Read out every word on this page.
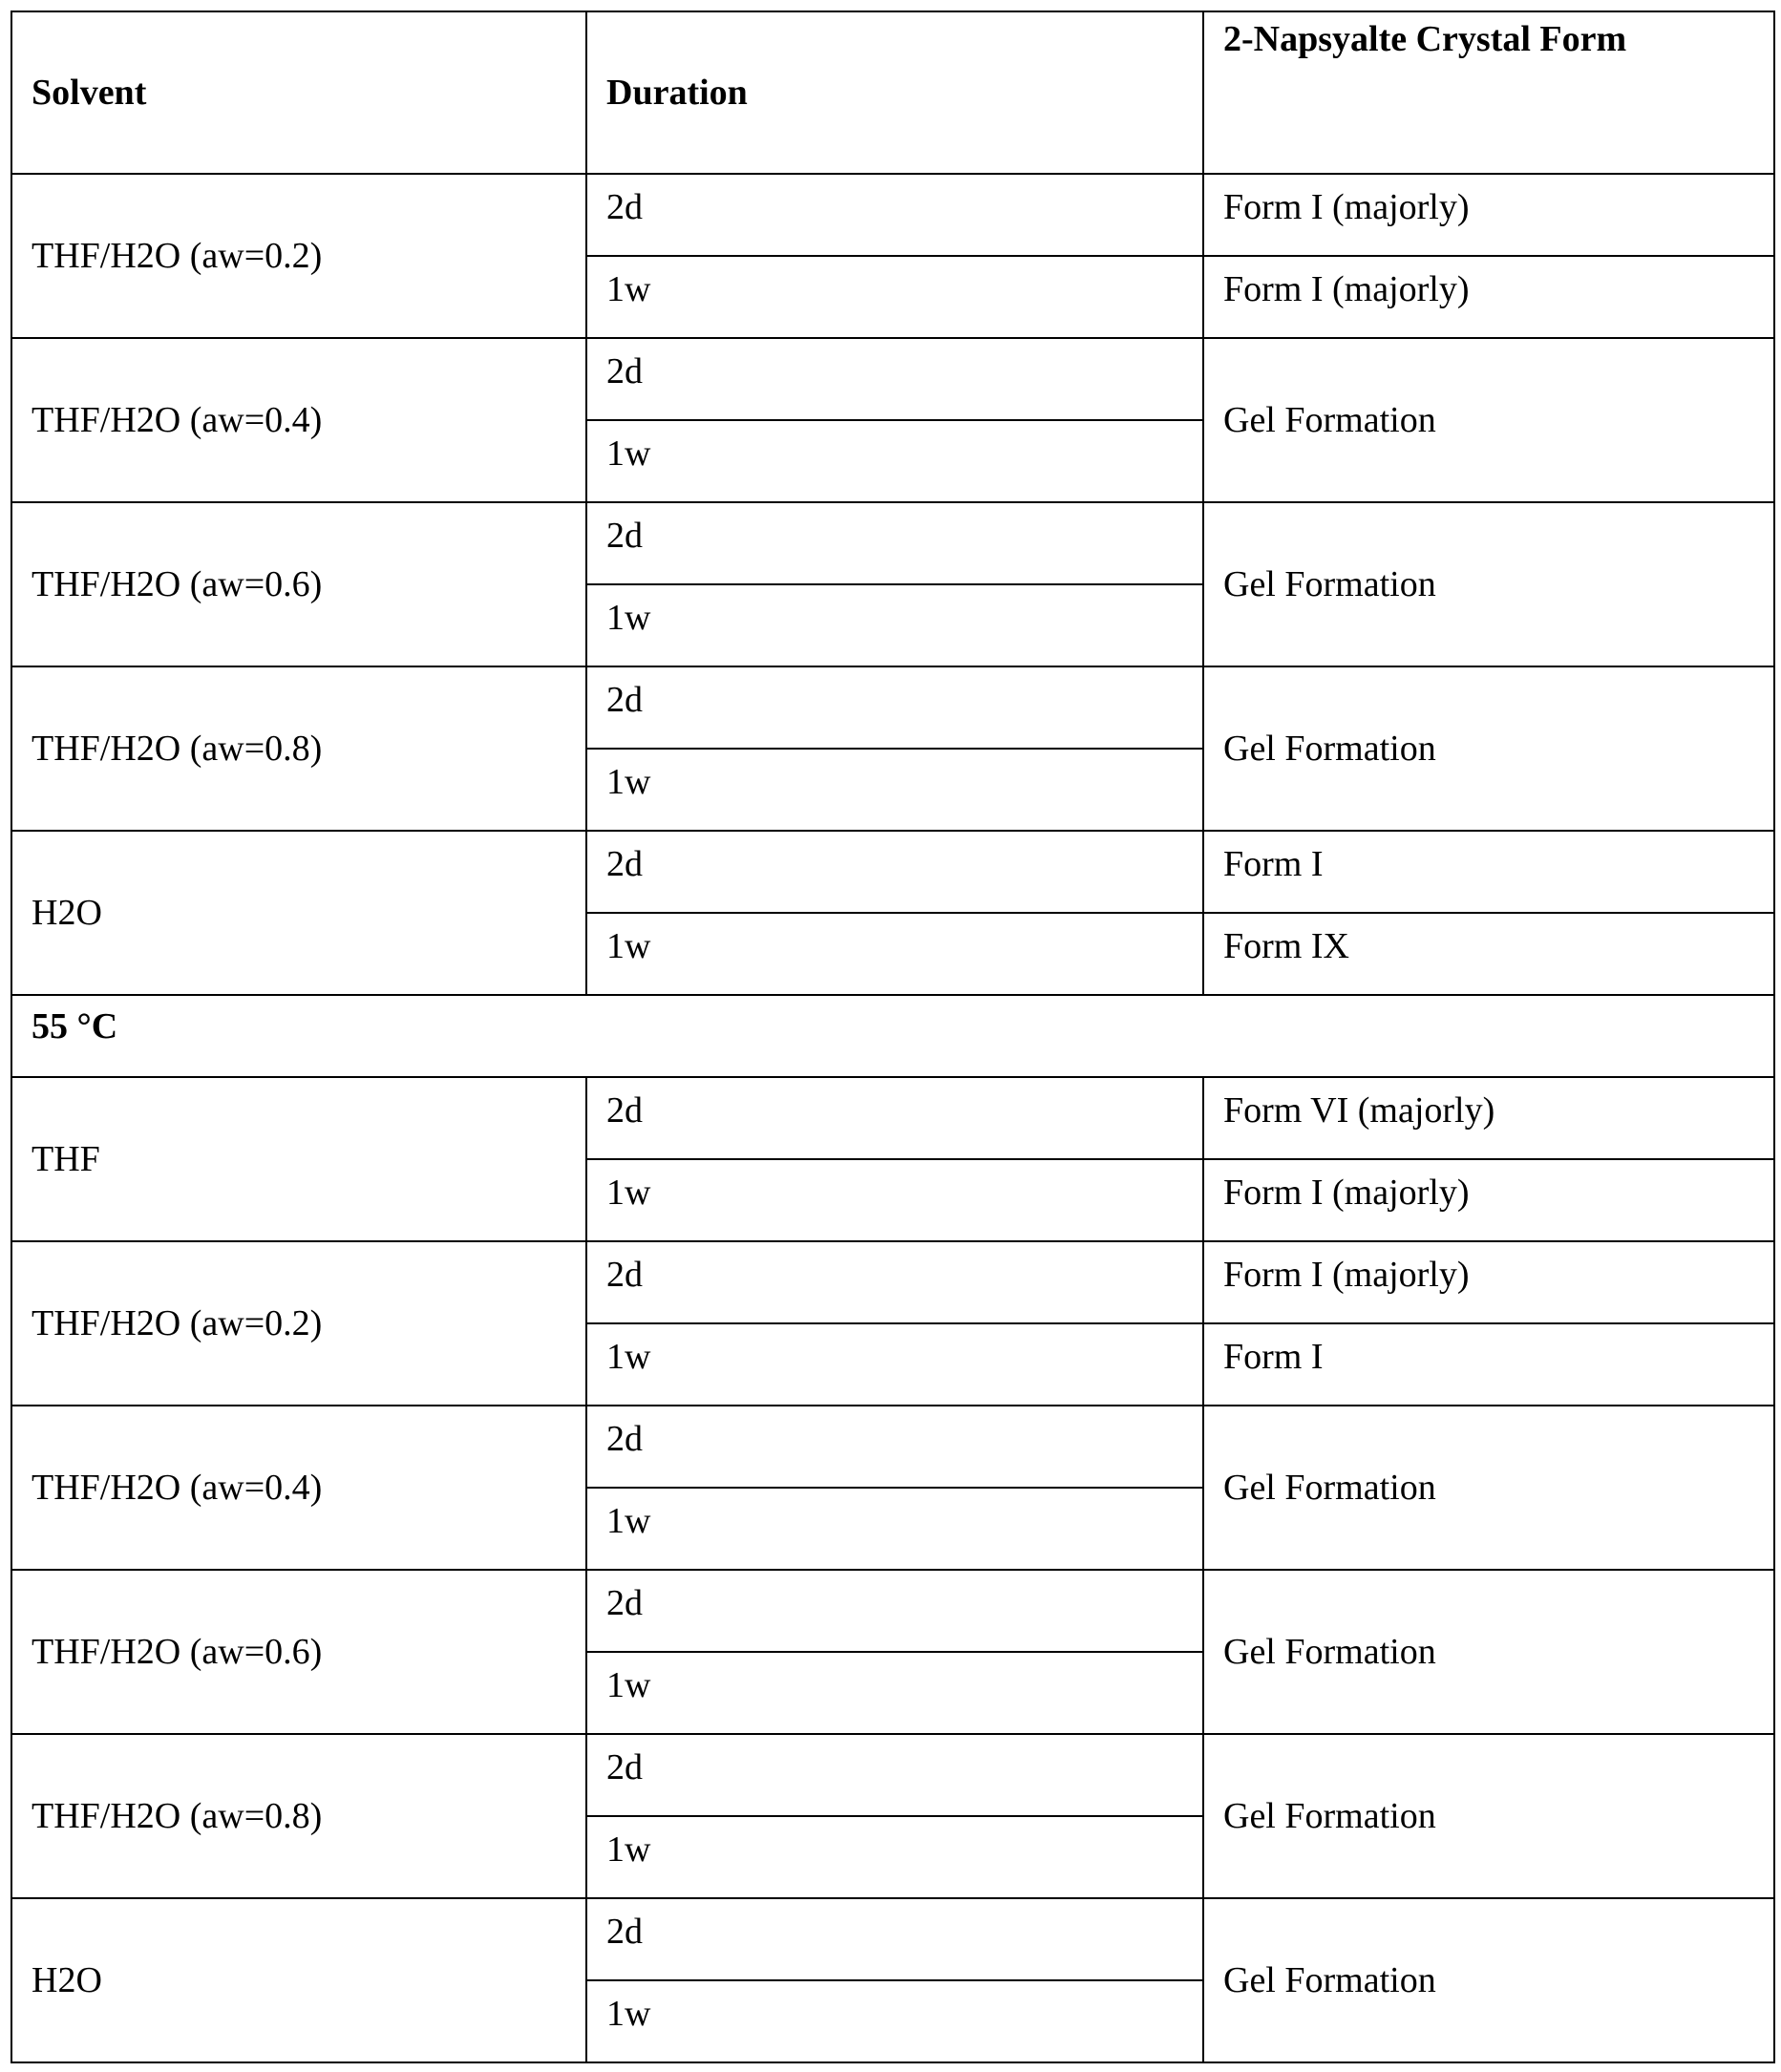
Solvent	Duration	2-Napsyalte Crystal Form
THF/H2O (aw=0.2)	2d	Form I (majorly)
1w	Form I (majorly)
THF/H2O (aw=0.4)	2d	Gel Formation
1w
THF/H2O (aw=0.6)	2d	Gel Formation
1w
THF/H2O (aw=0.8)	2d	Gel Formation
1w
H2O	2d	Form I
1w	Form IX
55 °C
THF	2d	Form VI (majorly)
1w	Form I (majorly)
THF/H2O (aw=0.2)	2d	Form I (majorly)
1w	Form I
THF/H2O (aw=0.4)	2d	Gel Formation
1w
THF/H2O (aw=0.6)	2d	Gel Formation
1w
THF/H2O (aw=0.8)	2d	Gel Formation
1w
H2O	2d	Gel Formation
1w
